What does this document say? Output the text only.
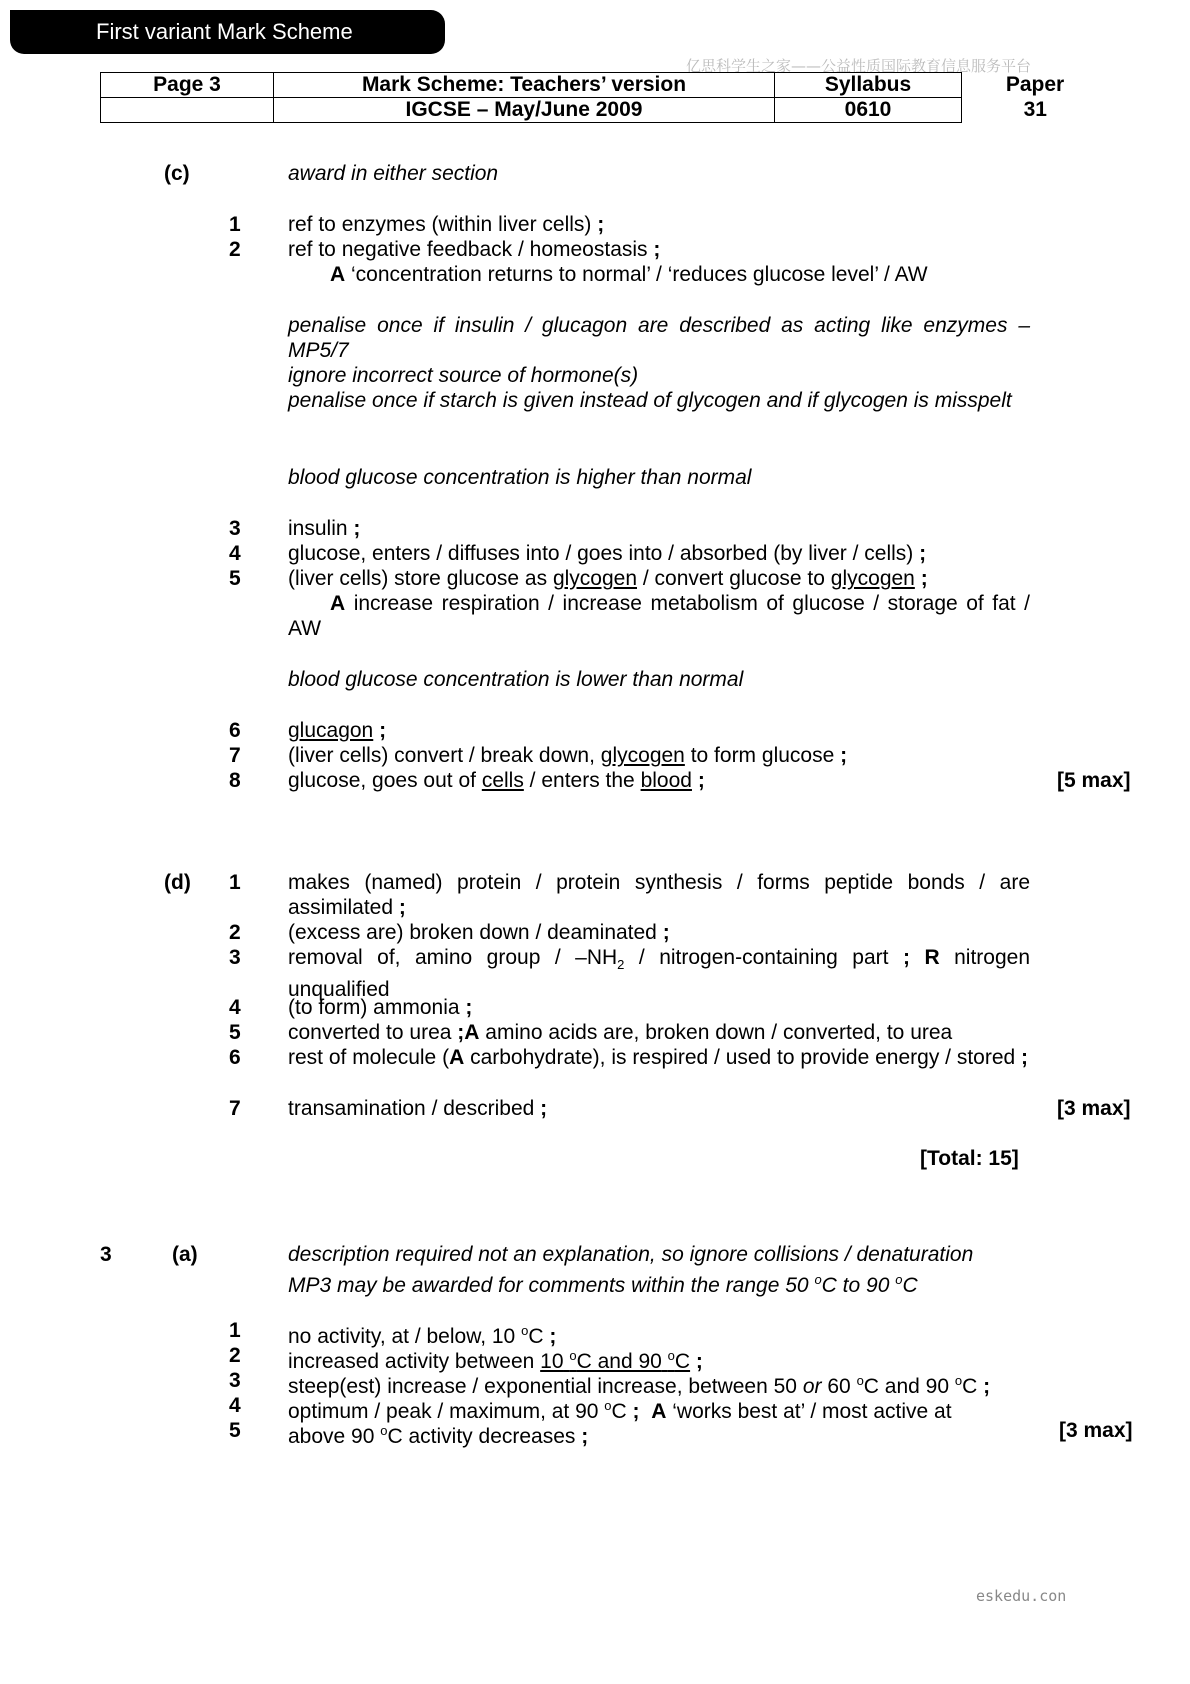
First variant Mark Scheme
亿思科学生之家——公益性质国际教育信息服务平台
Page 3	Mark Scheme: Teachers’ version	Syllabus	Paper
	IGCSE – May/June 2009	0610	31
(c)	award in either section
1 ref to enzymes (within liver cells) ;
2 ref to negative feedback / homeostasis ;
A ‘concentration returns to normal’ / ‘reduces glucose level’ / AW
penalise once if insulin / glucagon are described as acting like enzymes – MP5/7
ignore incorrect source of hormone(s)
penalise once if starch is given instead of glycogen and if glycogen is misspelt
blood glucose concentration is higher than normal
3 insulin ;
4 glucose, enters / diffuses into / goes into / absorbed (by liver / cells) ;
5 (liver cells) store glucose as glycogen / convert glucose to glycogen ;
A increase respiration / increase metabolism of glucose / storage of fat / AW
blood glucose concentration is lower than normal
6 glucagon ;
7 (liver cells) convert / break down, glycogen to form glucose ;
8 glucose, goes out of cells / enters the blood ;	[5 max]
(d) 1 makes (named) protein / protein synthesis / forms peptide bonds / are assimilated ;
2 (excess are) broken down / deaminated ;
3 removal of, amino group / $-NH_2$ / nitrogen-containing part ; R nitrogen unqualified
4 (to form) ammonia ;
5 converted to urea ;A amino acids are, broken down / converted, to urea
6 rest of molecule (A carbohydrate), is respired / used to provide energy / stored ;
7 transamination / described ;	[3 max]
[Total: 15]
3	(a)	description required not an explanation, so ignore collisions / denaturation
MP3 may be awarded for comments within the range 50 $^o$C to 90 $^o$C
1 no activity, at / below, 10 $^o$C ;
2 increased activity between 10 $^o$C and 90 $^o$C ;
3 steep(est) increase / exponential increase, between 50 or 60 $^o$C and 90 $^o$C ;
4 optimum / peak / maximum, at 90 $^o$C ; A ‘works best at’ / most active at
5 above 90 $^o$C activity decreases ;	[3 max]
eskedu.con
